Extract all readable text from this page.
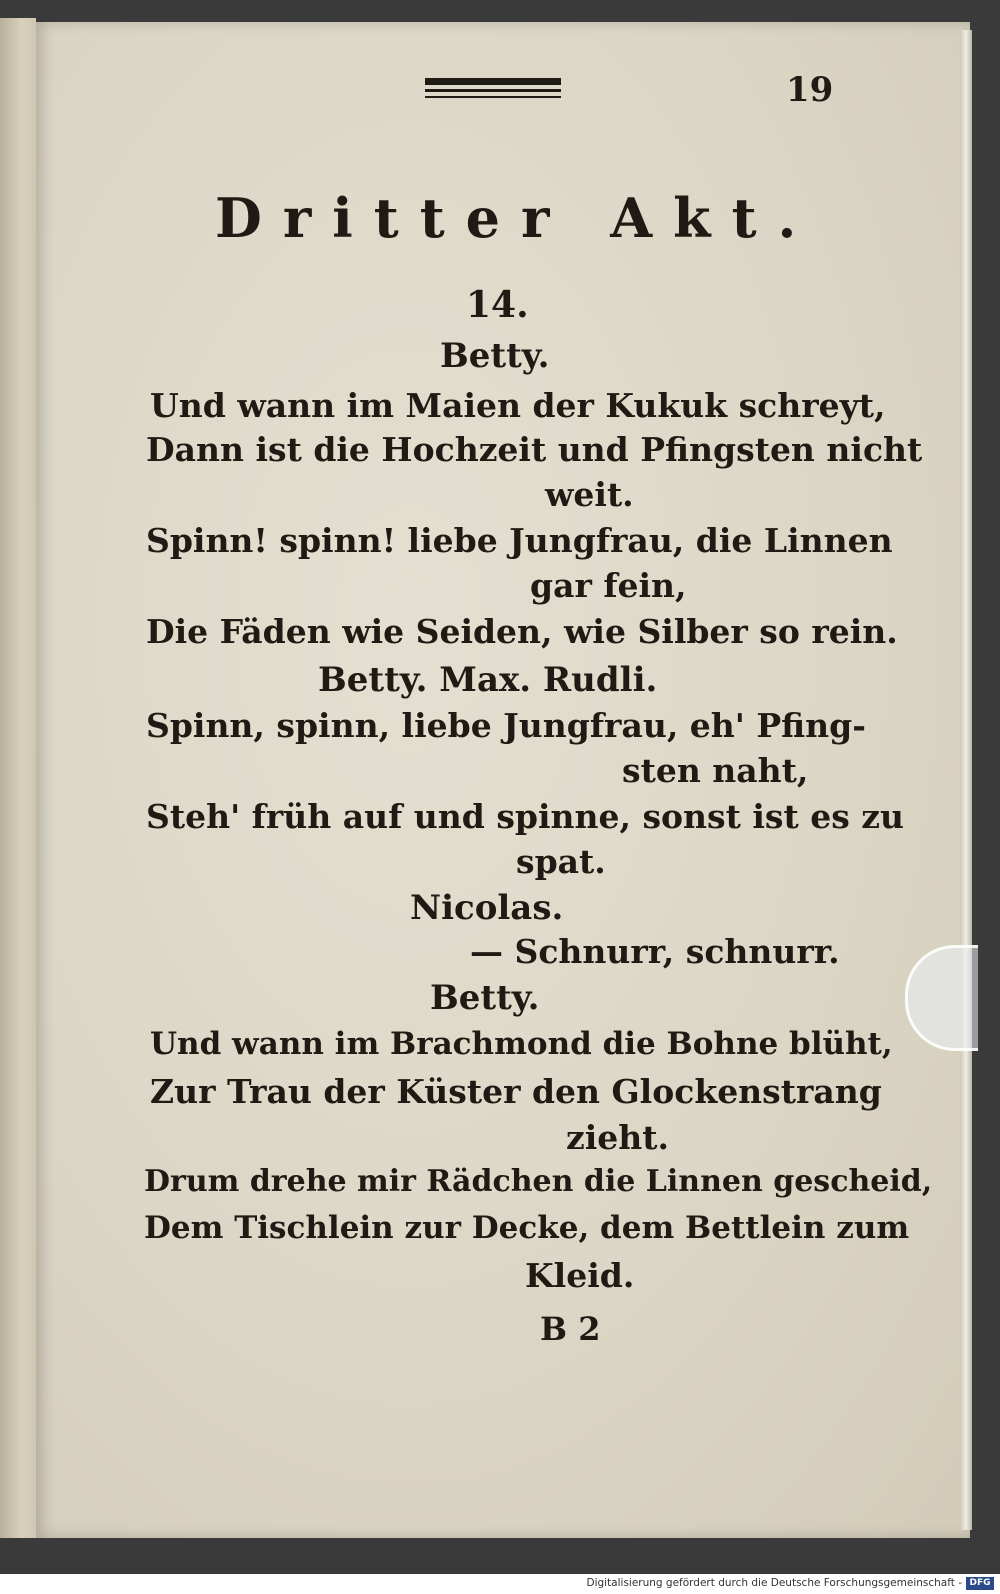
19
Dritter Akt.
14.
Betty.
Und wann im Maien der Kukuk schreyt,
Dann ist die Hochzeit und Pfingsten nicht
weit.
Spinn! spinn! liebe Jungfrau, die Linnen
gar fein,
Die Fäden wie Seiden, wie Silber so rein.
Betty. Max. Rudli.
Spinn, spinn, liebe Jungfrau, eh' Pfing-
sten naht,
Steh' früh auf und spinne, sonst ist es zu
spat.
Nicolas.
— Schnurr, schnurr.
Betty.
Und wann im Brachmond die Bohne blüht,
Zur Trau der Küster den Glockenstrang
zieht.
Drum drehe mir Rädchen die Linnen gescheid,
Dem Tischlein zur Decke, dem Bettlein zum
Kleid.
B 2
Digitalisierung gefördert durch die Deutsche Forschungsgemeinschaft - DFG
